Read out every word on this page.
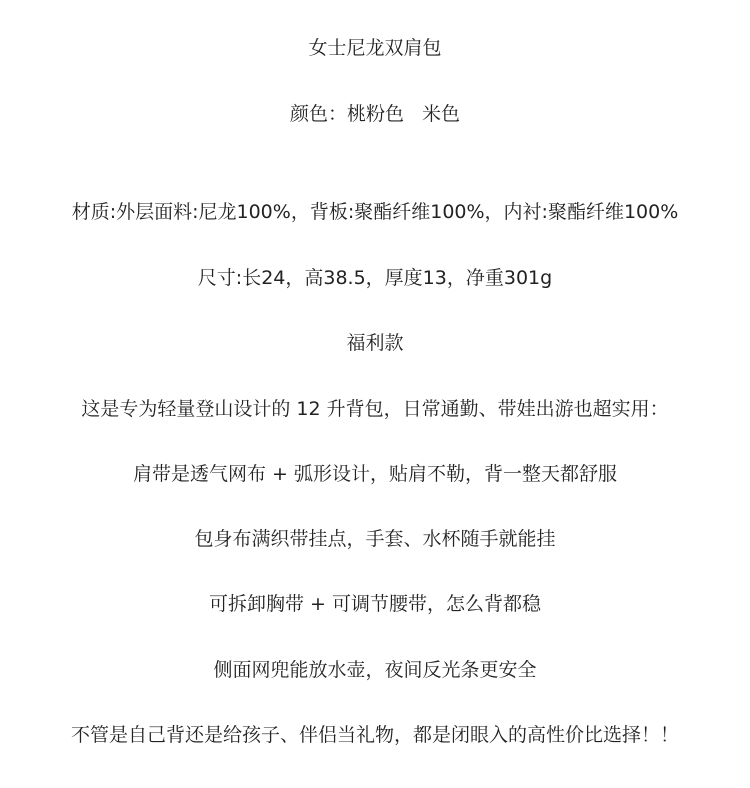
女士尼龙双肩包
颜色：桃粉色   米色
材质:外层面料:尼龙100%，背板:聚酯纤维100%，内衬:聚酯纤维100%
尺寸:长24，高38.5，厚度13，净重301g
福利款
这是专为轻量登山设计的 12 升背包，日常通勤、带娃出游也超实用：
肩带是透气网布 + 弧形设计，贴肩不勒，背一整天都舒服
包身布满织带挂点，手套、水杯随手就能挂
可拆卸胸带 + 可调节腰带，怎么背都稳
侧面网兜能放水壶，夜间反光条更安全
不管是自己背还是给孩子、伴侣当礼物，都是闭眼入的高性价比选择！！
